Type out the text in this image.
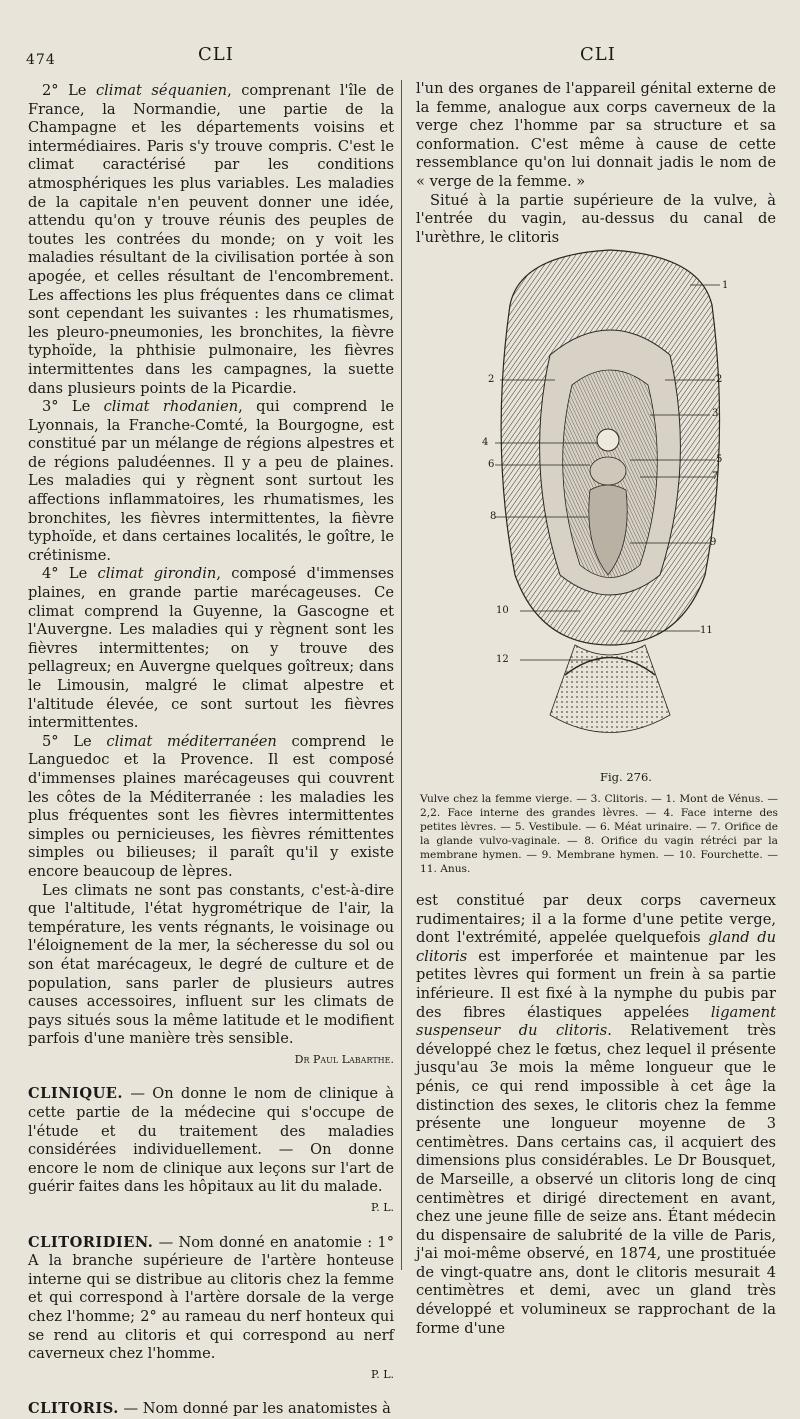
474	CLI	CLI

2° Le climat séquanien, comprenant l'île de France, la Normandie, une partie de la Champagne et les départements voisins et intermédiaires. Paris s'y trouve compris. C'est le climat caractérisé par les conditions atmosphériques les plus variables. Les maladies de la capitale n'en peuvent donner une idée, attendu qu'on y trouve réunis des peuples de toutes les contrées du monde; on y voit les maladies résultant de la civilisation portée à son apogée, et celles résultant de l'encombrement. Les affections les plus fréquentes dans ce climat sont cependant les suivantes : les rhumatismes, les pleuro-pneumonies, les bronchites, la fièvre typhoïde, la phthisie pulmonaire, les fièvres intermittentes dans les campagnes, la suette dans plusieurs points de la Picardie.

3° Le climat rhodanien, qui comprend le Lyonnais, la Franche-Comté, la Bourgogne, est constitué par un mélange de régions alpestres et de régions paludéennes. Il y a peu de plaines. Les maladies qui y règnent sont surtout les affections inflammatoires, les rhumatismes, les bronchites, les fièvres intermittentes, la fièvre typhoïde, et dans certaines localités, le goître, le crétinisme.

4° Le climat girondin, composé d'immenses plaines, en grande partie marécageuses. Ce climat comprend la Guyenne, la Gascogne et l'Auvergne. Les maladies qui y règnent sont les fièvres intermittentes; on y trouve des pellagreux; en Auvergne quelques goîtreux; dans le Limousin, malgré le climat alpestre et l'altitude élevée, ce sont surtout les fièvres intermittentes.

5° Le climat méditerranéen comprend le Languedoc et la Provence. Il est composé d'immenses plaines marécageuses qui couvrent les côtes de la Méditerranée : les maladies les plus fréquentes sont les fièvres intermittentes simples ou pernicieuses, les fièvres rémittentes simples ou bilieuses; il paraît qu'il y existe encore beaucoup de lèpres.

Les climats ne sont pas constants, c'est-à-dire que l'altitude, l'état hygrométrique de l'air, la température, les vents régnants, le voisinage ou l'éloignement de la mer, la sécheresse du sol ou son état marécageux, le degré de culture et de population, sans parler de plusieurs autres causes accessoires, influent sur les climats de pays situés sous la même latitude et le modifient parfois d'une manière très sensible.

Dr Paul Labarthe.

CLINIQUE. — On donne le nom de clinique à cette partie de la médecine qui s'occupe de l'étude et du traitement des maladies considérées individuellement. — On donne encore le nom de clinique aux leçons sur l'art de guérir faites dans les hôpitaux au lit du malade.

P. L.

CLITORIDIEN. — Nom donné en anatomie : 1° A la branche supérieure de l'artère honteuse interne qui se distribue au clitoris chez la femme et qui correspond à l'artère dorsale de la verge chez l'homme; 2° au rameau du nerf honteux qui se rend au clitoris et qui correspond au nerf caverneux chez l'homme.

P. L.

CLITORIS. — Nom donné par les anatomistes à

l'un des organes de l'appareil génital externe de la femme, analogue aux corps caverneux de la verge chez l'homme par sa structure et sa conformation. C'est même à cause de cette ressemblance qu'on lui donnait jadis le nom de « verge de la femme. »

Situé à la partie supérieure de la vulve, à l'entrée du vagin, au-dessus du canal de l'urèthre, le clitoris

1
2	2
3
4
5
6
7
8
9
10
11
12
Fig. 276.
Vulve chez la femme vierge. — 3. Clitoris. — 1. Mont de Vénus. — 2,2. Face interne des grandes lèvres. — 4. Face interne des petites lèvres. — 5. Vestibule. — 6. Méat urinaire. — 7. Orifice de la glande vulvo-vaginale. — 8. Orifice du vagin rétréci par la membrane hymen. — 9. Membrane hymen. — 10. Fourchette. — 11. Anus.

est constitué par deux corps caverneux rudimentaires; il a la forme d'une petite verge, dont l'extrémité, appelée quelquefois gland du clitoris est imperforée et maintenue par les petites lèvres qui forment un frein à sa partie inférieure. Il est fixé à la nymphe du pubis par des fibres élastiques appelées ligament suspenseur du clitoris. Relativement très développé chez le fœtus, chez lequel il présente jusqu'au 3e mois la même longueur que le pénis, ce qui rend impossible à cet âge la distinction des sexes, le clitoris chez la femme présente une longueur moyenne de 3 centimètres. Dans certains cas, il acquiert des dimensions plus considérables. Le Dr Bousquet, de Marseille, a observé un clitoris long de cinq centimètres et dirigé directement en avant, chez une jeune fille de seize ans. Étant médecin du dispensaire de salubrité de la ville de Paris, j'ai moi-même observé, en 1874, une prostituée de vingt-quatre ans, dont le clitoris mesurait 4 centimètres et demi, avec un gland très développé et volumineux se rapprochant de la forme d'une
